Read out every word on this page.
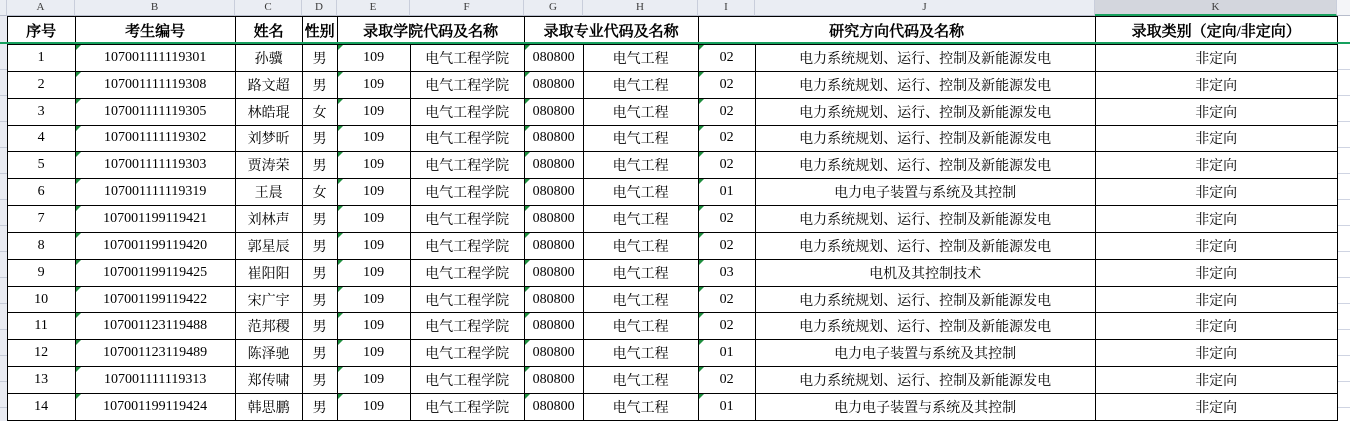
A	B	C	D	E	F	G	H	I	J	K
序号	考生编号	姓名	性别	录取学院代码及名称		录取专业代码及名称		研究方向代码及名称		录取类别（定向/非定向）
1	107001111119301	孙骥	男	109	电气工程学院	080800	电气工程	02	电力系统规划、运行、控制及新能源发电	非定向
2	107001111119308	路文超	男	109	电气工程学院	080800	电气工程	02	电力系统规划、运行、控制及新能源发电	非定向
3	107001111119305	林皓琨	女	109	电气工程学院	080800	电气工程	02	电力系统规划、运行、控制及新能源发电	非定向
4	107001111119302	刘梦昕	男	109	电气工程学院	080800	电气工程	02	电力系统规划、运行、控制及新能源发电	非定向
5	107001111119303	贾涛荣	男	109	电气工程学院	080800	电气工程	02	电力系统规划、运行、控制及新能源发电	非定向
6	107001111119319	王晨	女	109	电气工程学院	080800	电气工程	01	电力电子装置与系统及其控制	非定向
7	107001199119421	刘林声	男	109	电气工程学院	080800	电气工程	02	电力系统规划、运行、控制及新能源发电	非定向
8	107001199119420	郭星辰	男	109	电气工程学院	080800	电气工程	02	电力系统规划、运行、控制及新能源发电	非定向
9	107001199119425	崔阳阳	男	109	电气工程学院	080800	电气工程	03	电机及其控制技术	非定向
10	107001199119422	宋广宇	男	109	电气工程学院	080800	电气工程	02	电力系统规划、运行、控制及新能源发电	非定向
11	107001123119488	范邦稷	男	109	电气工程学院	080800	电气工程	02	电力系统规划、运行、控制及新能源发电	非定向
12	107001123119489	陈泽驰	男	109	电气工程学院	080800	电气工程	01	电力电子装置与系统及其控制	非定向
13	107001111119313	郑传啸	男	109	电气工程学院	080800	电气工程	02	电力系统规划、运行、控制及新能源发电	非定向
14	107001199119424	韩思鹏	男	109	电气工程学院	080800	电气工程	01	电力电子装置与系统及其控制	非定向
